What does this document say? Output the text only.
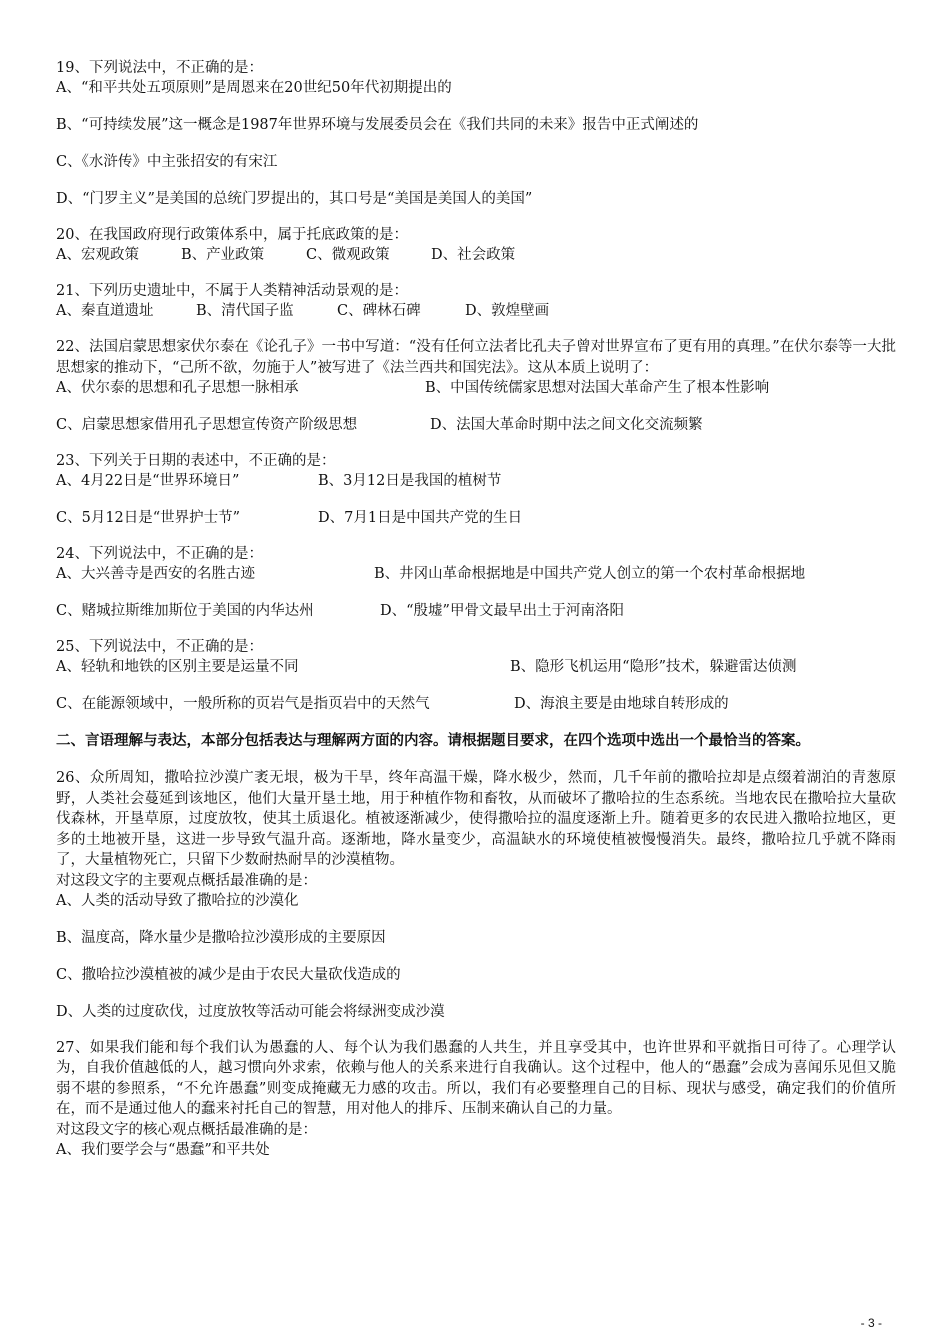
19、下列说法中，不正确的是：
A、“和平共处五项原则”是周恩来在20世纪50年代初期提出的
B、“可持续发展”这一概念是1987年世界环境与发展委员会在《我们共同的未来》报告中正式阐述的
C、《水浒传》中主张招安的有宋江
D、“门罗主义”是美国的总统门罗提出的，其口号是“美国是美国人的美国”
20、在我国政府现行政策体系中，属于托底政策的是：
A、宏观政策	B、产业政策	C、微观政策	D、社会政策
21、下列历史遗址中，不属于人类精神活动景观的是：
A、秦直道遗址	B、清代国子监	C、碑林石碑	D、敦煌壁画
22、法国启蒙思想家伏尔泰在《论孔子》一书中写道：“没有任何立法者比孔夫子曾对世界宣布了更有用的真理。”在伏尔泰等一大批思想家的推动下，“己所不欲，勿施于人”被写进了《法兰西共和国宪法》。这从本质上说明了：
A、伏尔泰的思想和孔子思想一脉相承	B、中国传统儒家思想对法国大革命产生了根本性影响
C、启蒙思想家借用孔子思想宣传资产阶级思想	D、法国大革命时期中法之间文化交流频繁
23、下列关于日期的表述中，不正确的是：
A、4月22日是“世界环境日”	B、3月12日是我国的植树节
C、5月12日是“世界护士节”	D、7月1日是中国共产党的生日
24、下列说法中，不正确的是：
A、大兴善寺是西安的名胜古迹	B、井冈山革命根据地是中国共产党人创立的第一个农村革命根据地
C、赌城拉斯维加斯位于美国的内华达州	D、“殷墟”甲骨文最早出土于河南洛阳
25、下列说法中，不正确的是：
A、轻轨和地铁的区别主要是运量不同	B、隐形飞机运用“隐形”技术，躲避雷达侦测
C、在能源领域中，一般所称的页岩气是指页岩中的天然气	D、海浪主要是由地球自转形成的
二、言语理解与表达，本部分包括表达与理解两方面的内容。请根据题目要求，在四个选项中选出一个最恰当的答案。
26、众所周知，撒哈拉沙漠广袤无垠，极为干旱，终年高温干燥，降水极少，然而，几千年前的撒哈拉却是点缀着湖泊的青葱原野，人类社会蔓延到该地区，他们大量开垦土地，用于种植作物和畜牧，从而破坏了撒哈拉的生态系统。当地农民在撒哈拉大量砍伐森林，开垦草原，过度放牧，使其土质退化。植被逐渐减少，使得撒哈拉的温度逐渐上升。随着更多的农民进入撒哈拉地区，更多的土地被开垦，这进一步导致气温升高。逐渐地，降水量变少，高温缺水的环境使植被慢慢消失。最终，撒哈拉几乎就不降雨了，大量植物死亡，只留下少数耐热耐旱的沙漠植物。
对这段文字的主要观点概括最准确的是：
A、人类的活动导致了撒哈拉的沙漠化
B、温度高，降水量少是撒哈拉沙漠形成的主要原因
C、撒哈拉沙漠植被的减少是由于农民大量砍伐造成的
D、人类的过度砍伐，过度放牧等活动可能会将绿洲变成沙漠
27、如果我们能和每个我们认为愚蠢的人、每个认为我们愚蠢的人共生，并且享受其中，也许世界和平就指日可待了。心理学认为，自我价值越低的人，越习惯向外求索，依赖与他人的关系来进行自我确认。这个过程中，他人的“愚蠢”会成为喜闻乐见但又脆弱不堪的参照系，“不允许愚蠢”则变成掩藏无力感的攻击。所以，我们有必要整理自己的目标、现状与感受，确定我们的价值所在，而不是通过他人的蠢来衬托自己的智慧，用对他人的排斥、压制来确认自己的力量。
对这段文字的核心观点概括最准确的是：
A、我们要学会与“愚蠢”和平共处
- 3 -
